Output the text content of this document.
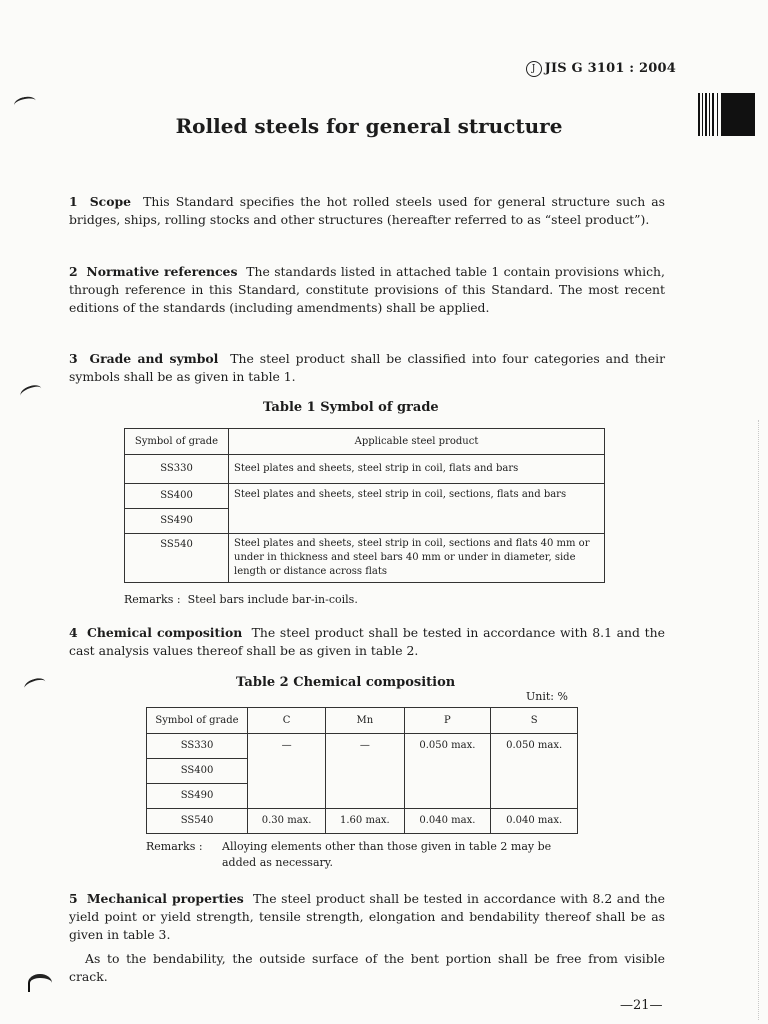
J JIS G 3101 : 2004
Rolled steels for general structure

1 Scope This Standard specifies the hot rolled steels used for general structure such as bridges, ships, rolling stocks and other structures (hereafter referred to as “steel product”).

2 Normative references The standards listed in attached table 1 contain provisions which, through reference in this Standard, constitute provisions of this Standard. The most recent editions of the standards (including amendments) shall be applied.

3 Grade and symbol The steel product shall be classified into four categories and their symbols shall be as given in table 1.

Table 1 Symbol of grade

Symbol of grade	Applicable steel product
SS330	Steel plates and sheets, steel strip in coil, flats and bars
SS400	Steel plates and sheets, steel strip in coil, sections, flats and bars
SS490	
SS540	Steel plates and sheets, steel strip in coil, sections and flats 40 mm or under in thickness and steel bars 40 mm or under in diameter, side length or distance across flats

Remarks : Steel bars include bar-in-coils.

4 Chemical composition The steel product shall be tested in accordance with 8.1 and the cast analysis values thereof shall be as given in table 2.

Table 2 Chemical composition

Unit: %

Symbol of grade	C	Mn	P	S
SS330	—	—	0.050 max.	0.050 max.
SS400				
SS490				
SS540	0.30 max.	1.60 max.	0.040 max.	0.040 max.
Remarks : Alloying elements other than those given in table 2 may be added as necessary.

5 Mechanical properties The steel product shall be tested in accordance with 8.2 and the yield point or yield strength, tensile strength, elongation and bendability thereof shall be as given in table 3.

As to the bendability, the outside surface of the bent portion shall be free from visible crack.

—21—
